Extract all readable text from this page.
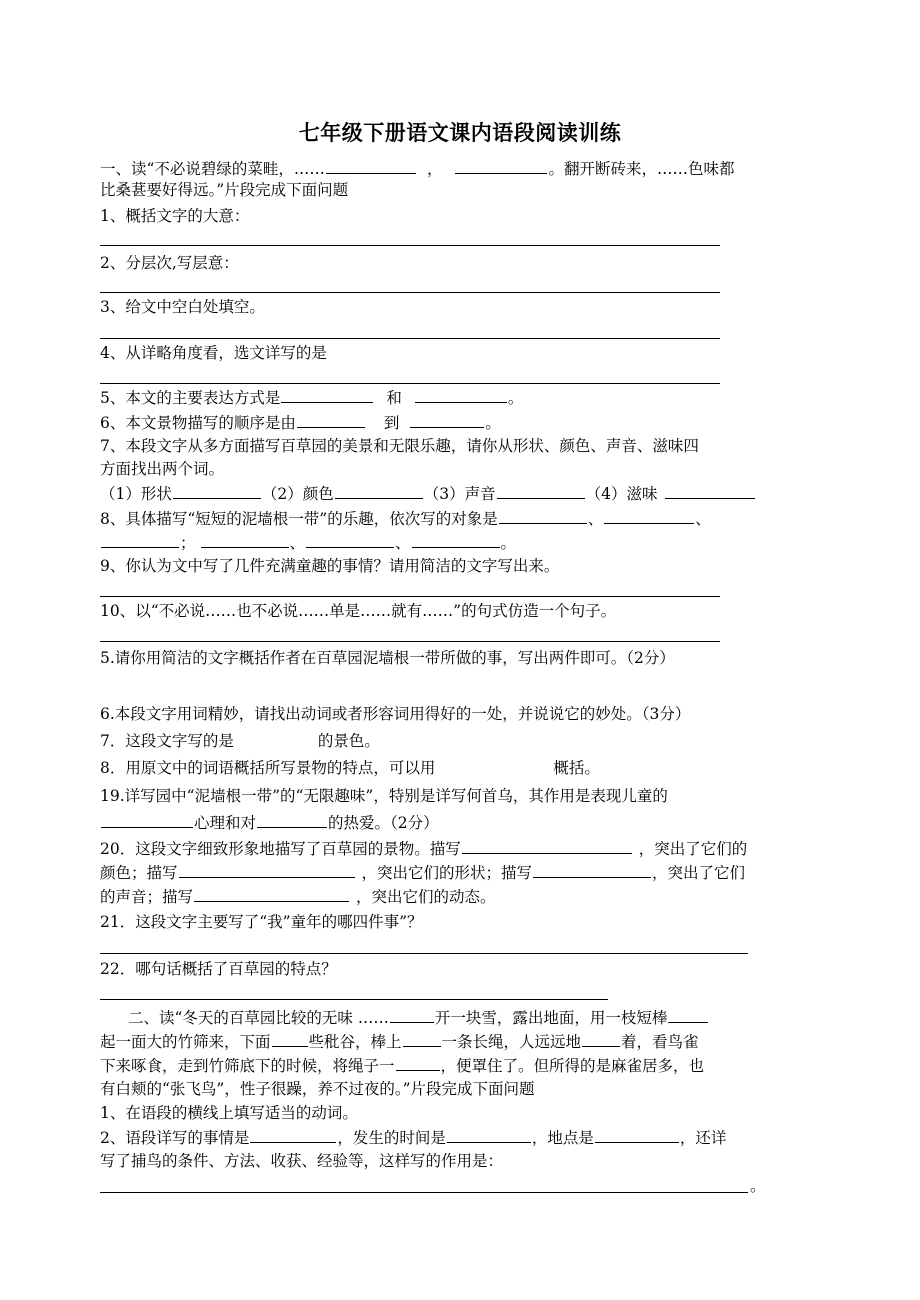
七年级下册语文课内语段阅读训练
一、读“不必说碧绿的菜畦，……	，	。翻开断砖来，……色味都
比桑葚要好得远。”片段完成下面问题
1、概括文字的大意：
2、分层次,写层意：
3、给文中空白处填空。
4、从详略角度看，选文详写的是
5、本文的主要表达方式是	和	。
6、本文景物描写的顺序是由	到	。
7、本段文字从多方面描写百草园的美景和无限乐趣，请你从形状、颜色、声音、滋味四
方面找出两个词。
（1）形状	（2）颜色	（3）声音	（4）滋味
8、具体描写“短短的泥墙根一带”的乐趣，依次写的对象是	、	、
；	、	、	。
9、你认为文中写了几件充满童趣的事情？请用简洁的文字写出来。
10、以“不必说……也不必说……单是……就有……”的句式仿造一个句子。
5.请你用简洁的文字概括作者在百草园泥墙根一带所做的事，写出两件即可。（2分）
6.本段文字用词精妙，请找出动词或者形容词用得好的一处，并说说它的妙处。（3分）
7．这段文字写的是	的景色。
8．用原文中的词语概括所写景物的特点，可以用	概括。
19.详写园中“泥墙根一带”的“无限趣味”，特别是详写何首乌，其作用是表现儿童的
心理和对	的热爱。（2分）
20．这段文字细致形象地描写了百草园的景物。描写	，突出了它们的
颜色；描写	，突出它们的形状；描写	，突出了它们
的声音；描写	，突出它们的动态。
21．这段文字主要写了“我”童年的哪四件事”？
22．哪句话概括了百草园的特点？
二、读“冬天的百草园比较的无味 ……	开一块雪，露出地面，用一枝短棒
起一面大的竹筛来，下面 些秕谷，棒上	一条长绳，人远远地	着，看鸟雀
下来啄食，走到竹筛底下的时候，将绳子一	，便罩住了。但所得的是麻雀居多，也
有白颊的“张飞鸟”，性子很躁，养不过夜的。”片段完成下面问题
1、在语段的横线上填写适当的动词。
2、语段详写的事情是	，发生的时间是	，地点是	，还详
写了捕鸟的条件、方法、收获、经验等，这样写的作用是：
。
